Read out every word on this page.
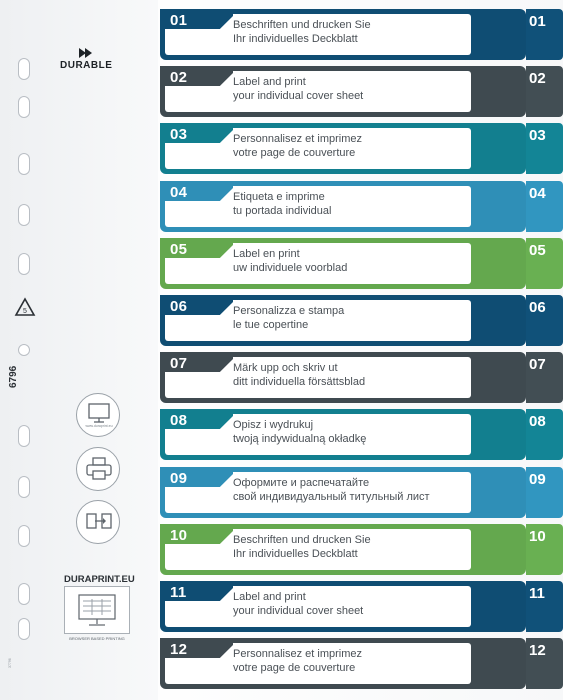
DURABLE
5
6796
www.duraprint.eu
DURAPRINT.EU
BROWSER BASED PRINTING
37796
01	Beschriften und drucken Sie
Ihr individuelles Deckblatt
01
02	Label and print
your individual cover sheet
02
03	Personnalisez et imprimez
votre page de couverture
03
04	Etiqueta e imprime
tu portada individual
04
05	Label en print
uw individuele voorblad
05
06	Personalizza e stampa
le tue copertine
06
07	Märk upp och skriv ut
ditt individuella försättsblad
07
08	Opisz i wydrukuj
twoją indywidualną okładkę
08
09	Оформите и распечатайте
свой индивидуальный титульный лист
09
10	Beschriften und drucken Sie
Ihr individuelles Deckblatt
10
11	Label and print
your individual cover sheet
11
12	Personnalisez et imprimez
votre page de couverture
12
